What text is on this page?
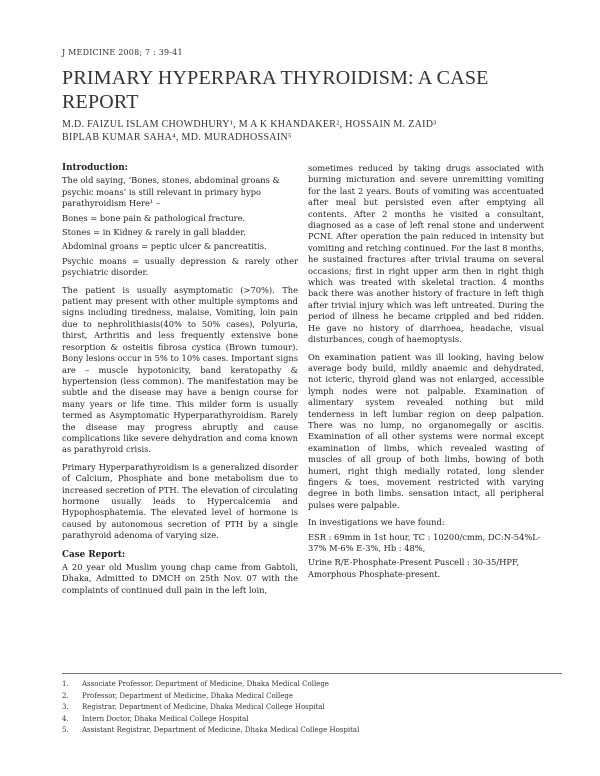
J MEDICINE 2008; 7 : 39-41
PRIMARY HYPERPARA THYROIDISM: A CASE REPORT
M.D. FAIZUL ISLAM CHOWDHURY¹, M A K KHANDAKER², HOSSAIN M. ZAID³
BIPLAB KUMAR SAHA⁴, MD. MURADHOSSAIN⁵
Introduction:

The old saying, ‘Bones, stones, abdominal groans & psychic moans’ is still relevant in primary hypo parathyroidism Here¹ –

Bones = bone pain & pathological fracture.

Stones = in Kidney & rarely in gall bladder.

Abdominal groans = peptic ulcer & pancreatitis.

Psychic moans = usually depression & rarely other psychiatric disorder.

The patient is usually asymptomatic (>70%). The patient may present with other multiple symptoms and signs including tiredness, malaise, Vomiting, loin pain due to nephrolithiasis(40% to 50% cases), Polyuria, thirst, Arthritis and less frequently extensive bone resorption & osteitis fibrosa cystica (Brown tumour). Bony lesions occur in 5% to 10% cases. Important signs are – muscle hypotonicity, band keratopathy & hypertension (less common). The manifestation may be subtle and the disease may have a benign course for many years or life time. This milder form is usually termed as Asymptomatic Hyperparathyroidism. Rarely the disease may progress abruptly and cause complications like severe dehydration and coma known as parathyroid crisis.

Primary Hyperparathyroidism is a generalized disorder of Calcium, Phosphate and bone metabolism due to increased secretion of PTH. The elevation of circulating hormone usually leads to Hypercalcemia and Hypophosphatemia. The elevated level of hormone is caused by autonomous secretion of PTH by a single parathyroid adenoma of varying size.

Case Report:

A 20 year old Muslim young chap came from Gabtoli, Dhaka, Admitted to DMCH on 25th Nov. 07 with the complaints of continued dull pain in the left loin,

sometimes reduced by taking drugs associated with burning micturation and severe unremitting vomiting for the last 2 years. Bouts of vomiting was accentuated after meal but persisted even after emptying all contents. After 2 months he visited a consultant, diagnosed as a case of left renal stone and underwent PCNI. After operation the pain reduced in intensity but vomiting and retching continued. For the last 8 months, he sustained fractures after trivial trauma on several occasions; first in right upper arm then in right thigh which was treated with skeletal traction. 4 months back there was another history of fracture in left thigh after trivial injury which was left untreated. During the period of illness he became crippled and bed ridden. He gave no history of diarrhoea, headache, visual disturbances, cough of haemoptysis.

On examination patient was ill looking, having below average body build, mildly anaemic and dehydrated, not icteric, thyroid gland was not enlarged, accessible lymph nodes were not palpable. Examination of alimentary system revealed nothing but mild tenderness in left lumbar region on deep palpation. There was no lump, no organomegally or ascitis. Examination of all other systems were normal except examination of limbs, which revealed wasting of muscles of all group of both limbs, bowing of both humeri, right thigh medially rotated, long slender fingers & toes, movement restricted with varying degree in both limbs. sensation intact, all peripheral pulses were palpable.

In investigations we have found:

ESR : 69mm in 1st hour, TC : 10200/cmm, DC:N-54%L-37% M-6% E-3%, Hb : 48%,

Urine R/E-Phosphate-Present Puscell : 30-35/HPF, Amorphous Phosphate-present.

1.	Associate Professor, Department of Medicine, Dhaka Medical College
2.	Professor, Department of Medicine, Dhaka Medical College
3.	Registrar, Department of Medicine, Dhaka Medical College Hospital
4.	Intern Doctor, Dhaka Medical College Hospital
5.	Assistant Registrar, Department of Medicine, Dhaka Medical College Hospital
